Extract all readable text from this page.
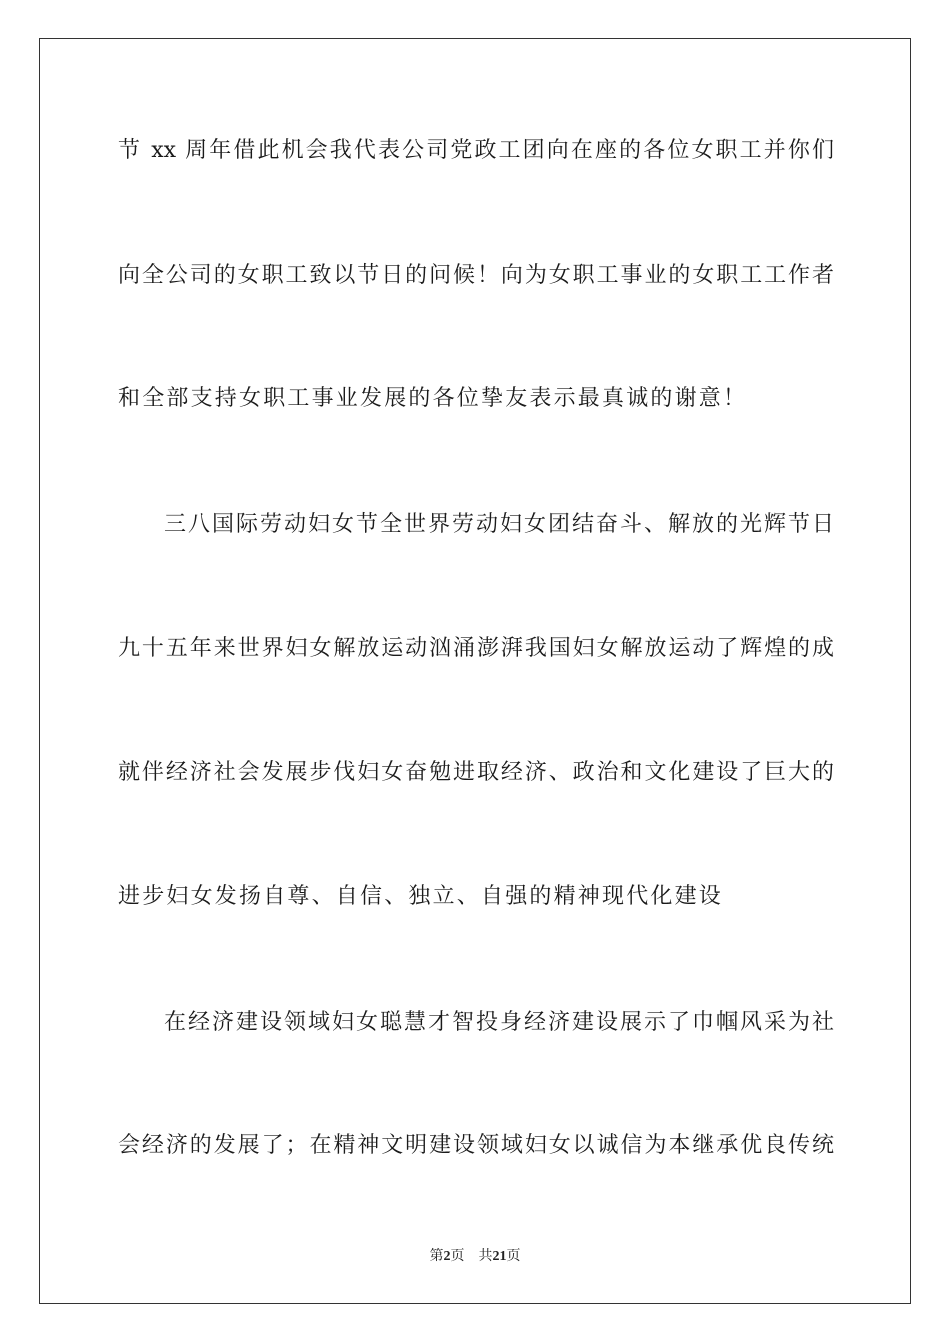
节 xx 周年借此机会我代表公司党政工团向在座的各位女职工并你们
向全公司的女职工致以节日的问候！向为女职工事业的女职工工作者
和全部支持女职工事业发展的各位挚友表示最真诚的谢意！
三八国际劳动妇女节全世界劳动妇女团结奋斗、解放的光辉节日
九十五年来世界妇女解放运动汹涌澎湃我国妇女解放运动了辉煌的成
就伴经济社会发展步伐妇女奋勉进取经济、政治和文化建设了巨大的
进步妇女发扬自尊、自信、独立、自强的精神现代化建设
在经济建设领域妇女聪慧才智投身经济建设展示了巾帼风采为社
会经济的发展了；在精神文明建设领域妇女以诚信为本继承优良传统
第2页 共21页
